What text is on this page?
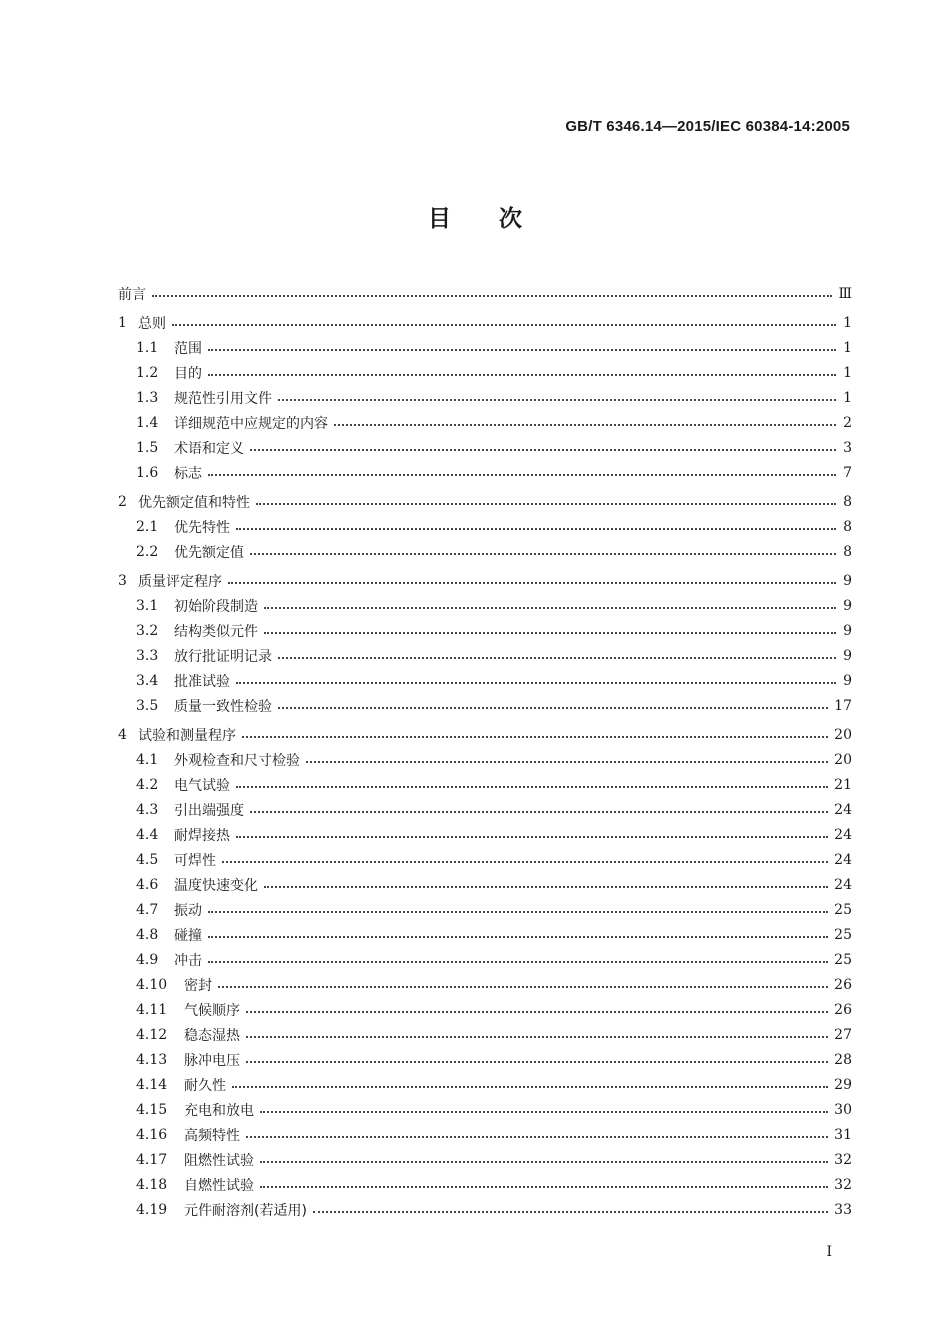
GB/T 6346.14—2015/IEC 60384-14:2005
目 次
前言	Ⅲ
1 总则	1
1.1	范围	1
1.2	目的	1
1.3	规范性引用文件	1
1.4	详细规范中应规定的内容	2
1.5	术语和定义	3
1.6	标志	7
2 优先额定值和特性	8
2.1	优先特性	8
2.2	优先额定值	8
3 质量评定程序	9
3.1	初始阶段制造	9
3.2	结构类似元件	9
3.3	放行批证明记录	9
3.4	批准试验	9
3.5	质量一致性检验	17
4 试验和测量程序	20
4.1	外观检查和尺寸检验	20
4.2	电气试验	21
4.3	引出端强度	24
4.4	耐焊接热	24
4.5	可焊性	24
4.6	温度快速变化	24
4.7	振动	25
4.8	碰撞	25
4.9	冲击	25
4.10	密封	26
4.11	气候顺序	26
4.12	稳态湿热	27
4.13	脉冲电压	28
4.14	耐久性	29
4.15	充电和放电	30
4.16	高频特性	31
4.17	阻燃性试验	32
4.18	自燃性试验	32
4.19	元件耐溶剂(若适用)	33
I
